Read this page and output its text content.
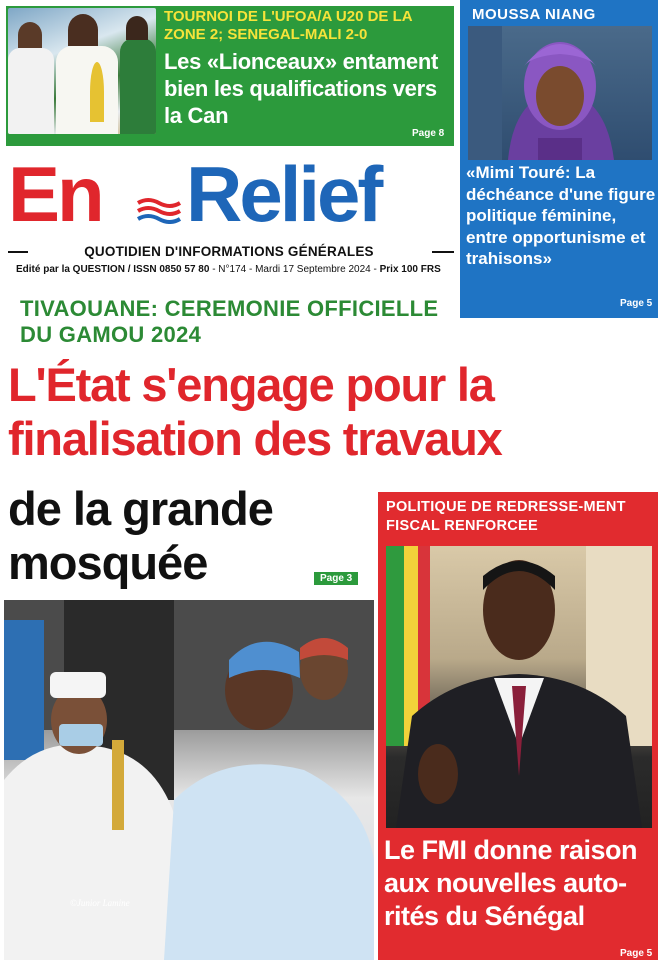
TOURNOI DE L'UFOA/A U20 DE LA ZONE 2; SENEGAL-MALI 2-0
Les «Lionceaux» entament bien les qualifications vers la Can
Page 8
MOUSSA NIANG
«Mimi Touré: La déchéance d'une figure politique féminine, entre opportunisme et trahisons»
Page 5
En Relief
QUOTIDIEN D'INFORMATIONS GÉNÉRALES
Edité par la QUESTION / ISSN 0850 57 80 - N°174 - Mardi 17 Septembre 2024 - Prix 100 FRS
TIVAOUANE: CEREMONIE OFFICIELLE DU GAMOU 2024
L'État s'engage pour la finalisation des travaux
de la grande mosquée	Page 3
©Junior Lamine
POLITIQUE DE REDRESSE-MENT FISCAL RENFORCEE
Le FMI donne raison aux nouvelles auto-rités du Sénégal
Page 5
